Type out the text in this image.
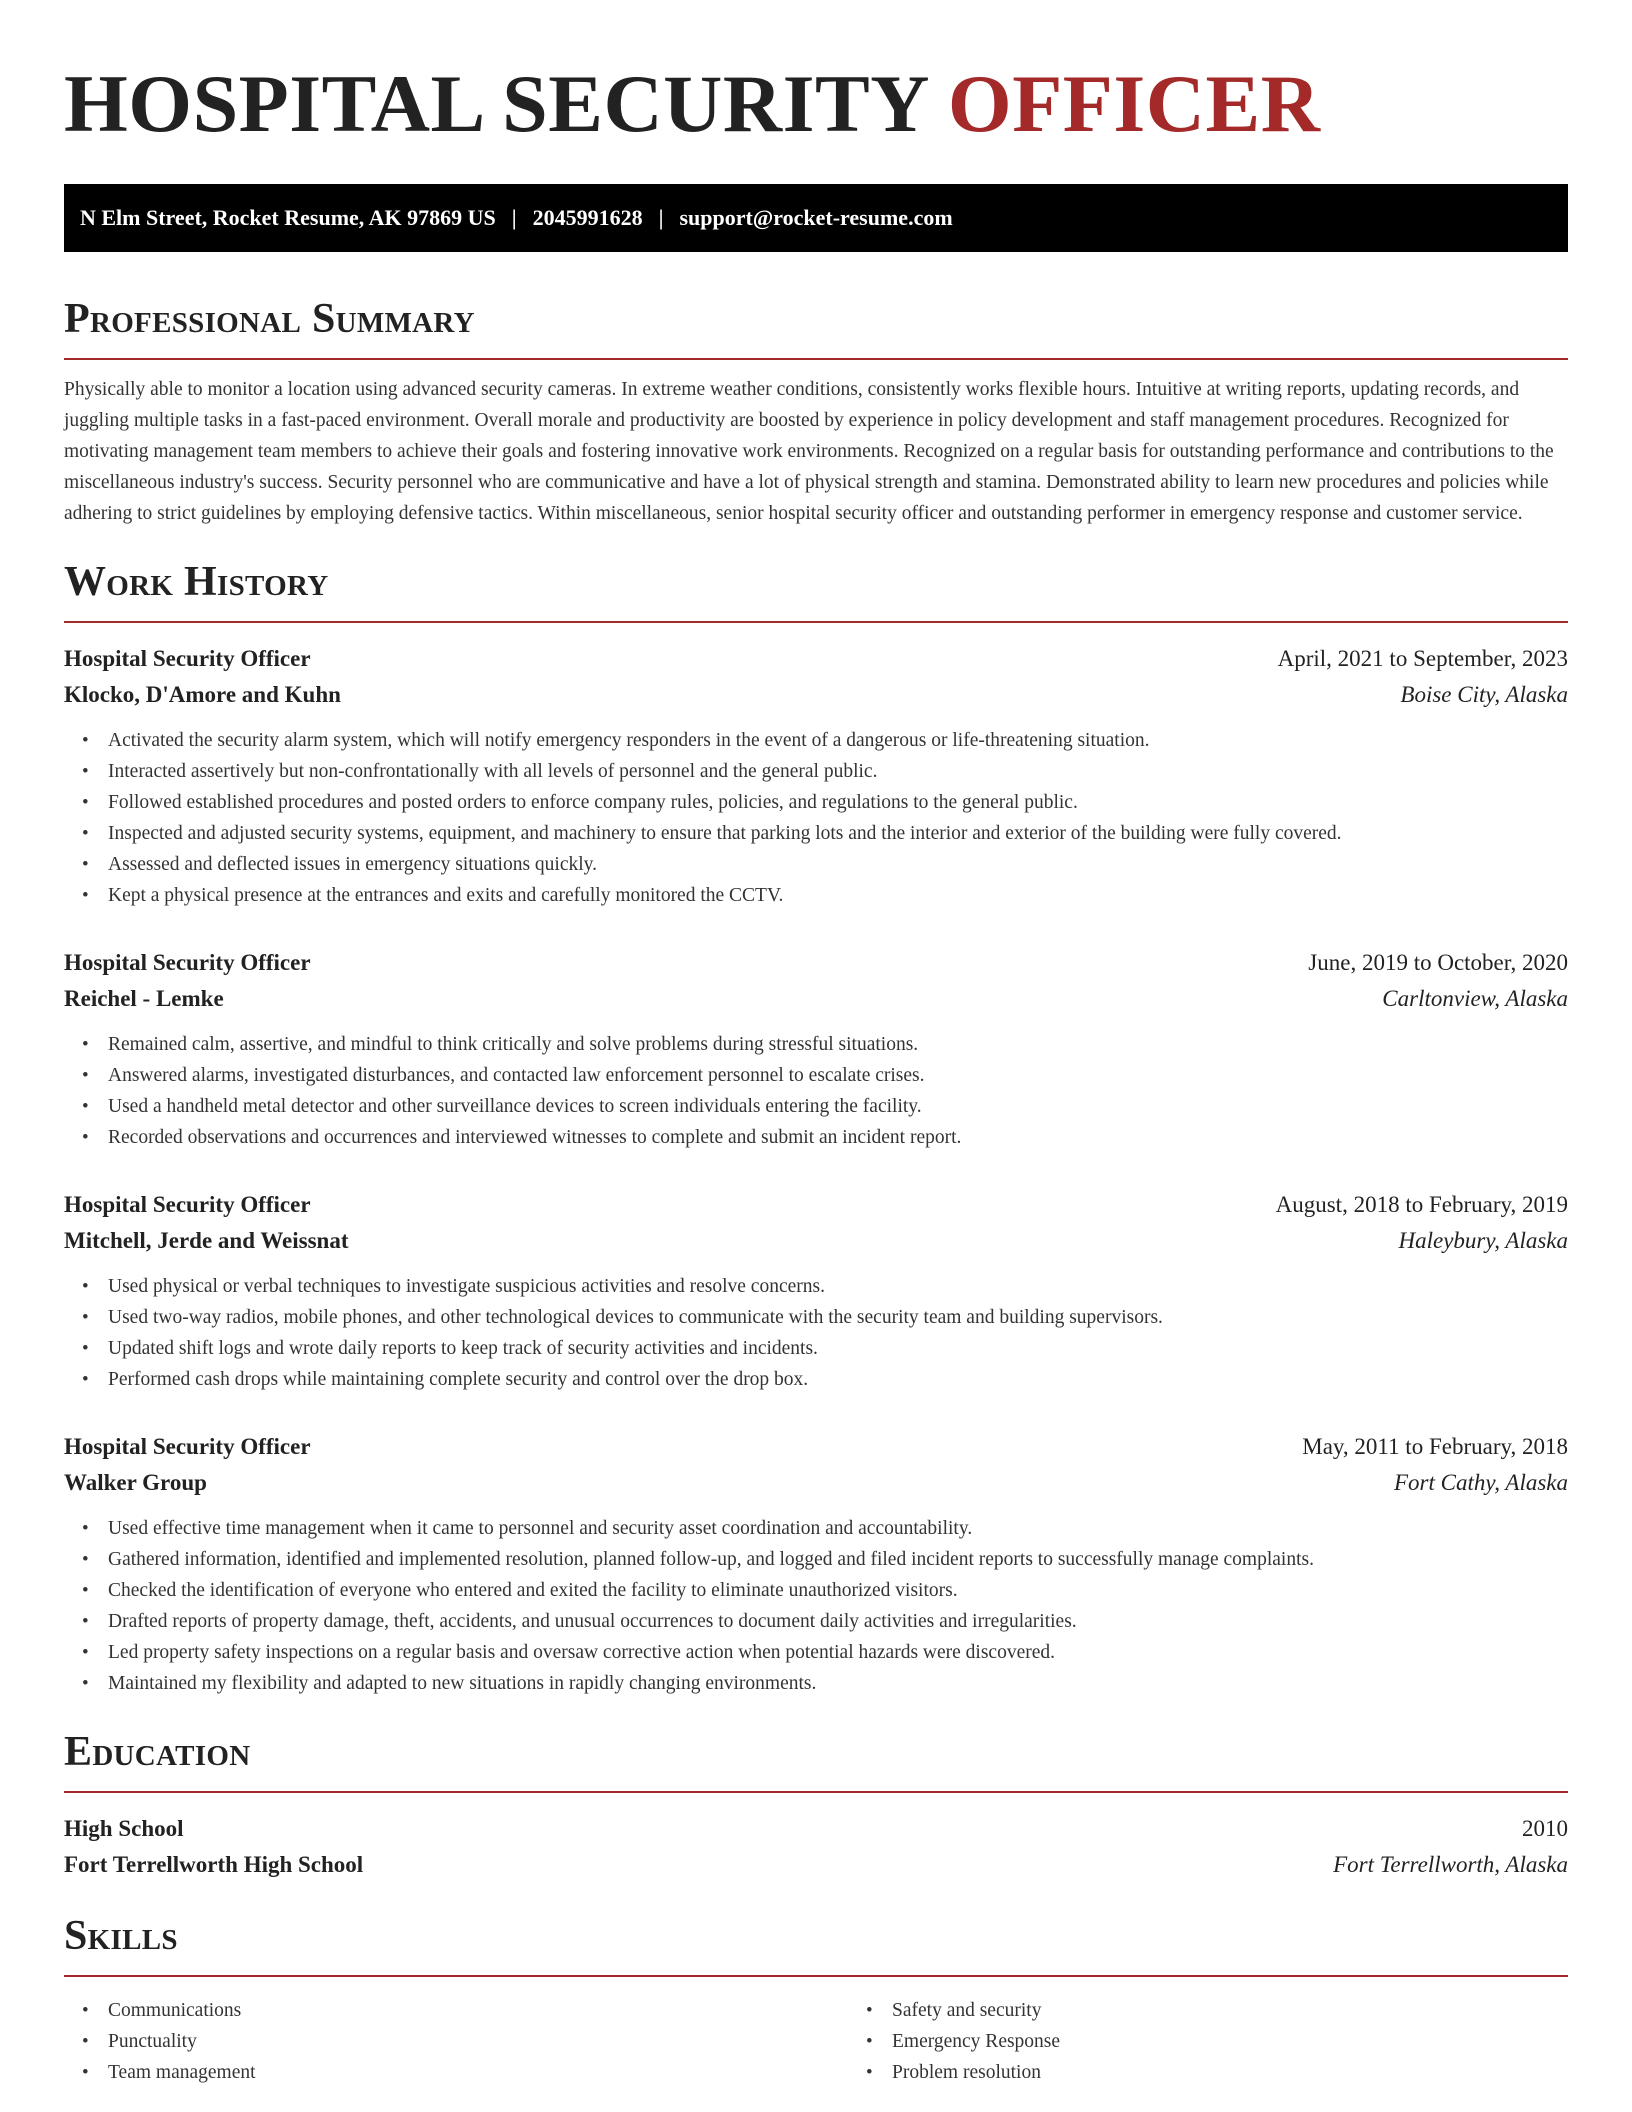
HOSPITAL SECURITY OFFICER
N Elm Street, Rocket Resume, AK 97869 US | 2045991628 | support@rocket-resume.com
Professional Summary

Physically able to monitor a location using advanced security cameras. In extreme weather conditions, consistently works flexible hours. Intuitive at writing reports, updating records, and juggling multiple tasks in a fast-paced environment. Overall morale and productivity are boosted by experience in policy development and staff management procedures. Recognized for motivating management team members to achieve their goals and fostering innovative work environments. Recognized on a regular basis for outstanding performance and contributions to the miscellaneous industry's success. Security personnel who are communicative and have a lot of physical strength and stamina. Demonstrated ability to learn new procedures and policies while adhering to strict guidelines by employing defensive tactics. Within miscellaneous, senior hospital security officer and outstanding performer in emergency response and customer service.

Work History
Hospital Security Officer	April, 2021 to September, 2023
Klocko, D'Amore and Kuhn	Boise City, Alaska
• Activated the security alarm system, which will notify emergency responders in the event of a dangerous or life-threatening situation.
• Interacted assertively but non-confrontationally with all levels of personnel and the general public.
• Followed established procedures and posted orders to enforce company rules, policies, and regulations to the general public.
• Inspected and adjusted security systems, equipment, and machinery to ensure that parking lots and the interior and exterior of the building were fully covered.
• Assessed and deflected issues in emergency situations quickly.
• Kept a physical presence at the entrances and exits and carefully monitored the CCTV.
Hospital Security Officer	June, 2019 to October, 2020
Reichel - Lemke	Carltonview, Alaska
• Remained calm, assertive, and mindful to think critically and solve problems during stressful situations.
• Answered alarms, investigated disturbances, and contacted law enforcement personnel to escalate crises.
• Used a handheld metal detector and other surveillance devices to screen individuals entering the facility.
• Recorded observations and occurrences and interviewed witnesses to complete and submit an incident report.
Hospital Security Officer	August, 2018 to February, 2019
Mitchell, Jerde and Weissnat	Haleybury, Alaska
• Used physical or verbal techniques to investigate suspicious activities and resolve concerns.
• Used two-way radios, mobile phones, and other technological devices to communicate with the security team and building supervisors.
• Updated shift logs and wrote daily reports to keep track of security activities and incidents.
• Performed cash drops while maintaining complete security and control over the drop box.
Hospital Security Officer	May, 2011 to February, 2018
Walker Group	Fort Cathy, Alaska
• Used effective time management when it came to personnel and security asset coordination and accountability.
• Gathered information, identified and implemented resolution, planned follow-up, and logged and filed incident reports to successfully manage complaints.
• Checked the identification of everyone who entered and exited the facility to eliminate unauthorized visitors.
• Drafted reports of property damage, theft, accidents, and unusual occurrences to document daily activities and irregularities.
• Led property safety inspections on a regular basis and oversaw corrective action when potential hazards were discovered.
• Maintained my flexibility and adapted to new situations in rapidly changing environments.
Education
High School	2010
Fort Terrellworth High School	Fort Terrellworth, Alaska
Skills
• Communications
• Punctuality
• Team management
• Safety and security
• Emergency Response
• Problem resolution
